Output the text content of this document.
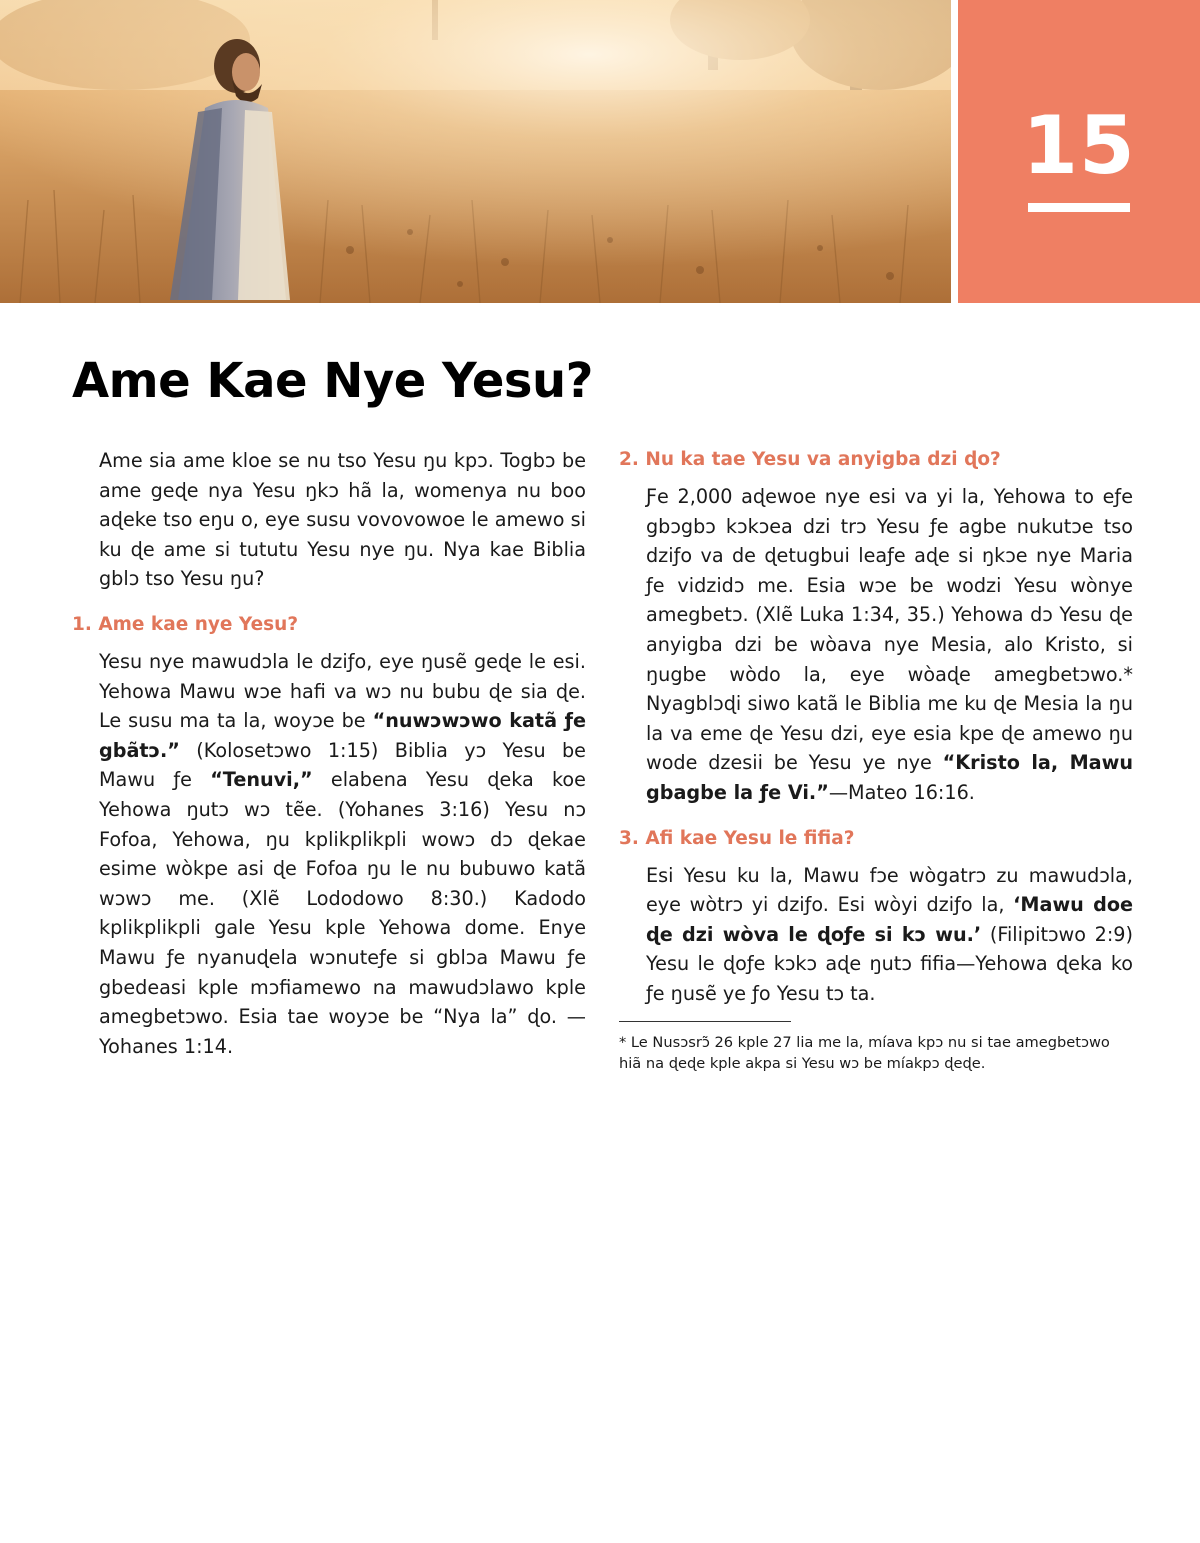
15
Ame Kae Nye Yesu?

Ame sia ame kloe se nu tso Yesu ŋu kpɔ. Togbɔ be ame geɖe nya Yesu ŋkɔ hã la, womenya nu boo aɖeke tso eŋu o, eye susu vovovowoe le amewo si ku ɖe ame si tututu Yesu nye ŋu. Nya kae Biblia gblɔ tso Yesu ŋu?

1. Ame kae nye Yesu?

Yesu nye mawudɔla le dziƒo, eye ŋusẽ geɖe le esi. Yehowa Mawu wɔe hafi va wɔ nu bubu ɖe sia ɖe. Le susu ma ta la, woyɔe be “nuwɔwɔwo katã ƒe gbãtɔ.” (Kolosetɔwo 1:15) Biblia yɔ Yesu be Mawu ƒe “Tenuvi,” elabena Yesu ɖeka koe Yehowa ŋutɔ wɔ tẽe. (Yohanes 3:16) Yesu nɔ Fofoa, Yehowa, ŋu kplikplikpli wowɔ dɔ ɖekae esime wòkpe asi ɖe Fofoa ŋu le nu bubuwo katã wɔwɔ me. (Xlẽ Lododowo 8:30.) Kadodo kplikplikpli gale Yesu kple Yehowa dome. Enye Mawu ƒe nyanuɖela wɔnuteƒe si gblɔa Mawu ƒe gbedeasi kple mɔfiamewo na mawudɔlawo kple amegbetɔwo. Esia tae woyɔe be “Nya la” ɖo. —Yohanes 1:14.

2. Nu ka tae Yesu va anyigba dzi ɖo?

Ƒe 2,000 aɖewoe nye esi va yi la, Yehowa to eƒe gbɔgbɔ kɔkɔea dzi trɔ Yesu ƒe agbe nukutɔe tso dziƒo va de ɖetugbui leaƒe aɖe si ŋkɔe nye Maria ƒe vidzidɔ me. Esia wɔe be wodzi Yesu wònye amegbetɔ. (Xlẽ Luka 1:34, 35.) Yehowa dɔ Yesu ɖe anyigba dzi be wòava nye Mesia, alo Kristo, si ŋugbe wòdo la, eye wòaɖe amegbetɔwo.* Nyagblɔɖi siwo katã le Biblia me ku ɖe Mesia la ŋu la va eme ɖe Yesu dzi, eye esia kpe ɖe amewo ŋu wode dzesii be Yesu ye nye “Kristo la, Mawu gbagbe la ƒe Vi.”—Mateo 16:16.

3. Afi kae Yesu le fifia?

Esi Yesu ku la, Mawu fɔe wògatrɔ zu mawudɔla, eye wòtrɔ yi dziƒo. Esi wòyi dziƒo la, ‘Mawu doe ɖe dzi wòva le ɖoƒe si kɔ wu.’ (Filipitɔwo 2:9) Yesu le ɖoƒe kɔkɔ aɖe ŋutɔ fifia—Yehowa ɖeka ko ƒe ŋusẽ ye ƒo Yesu tɔ ta.

* Le Nusɔsrɔ̃ 26 kple 27 lia me la, míava kpɔ nu si tae amegbetɔwo hiã na ɖeɖe kple akpa si Yesu wɔ be míakpɔ ɖeɖe.
